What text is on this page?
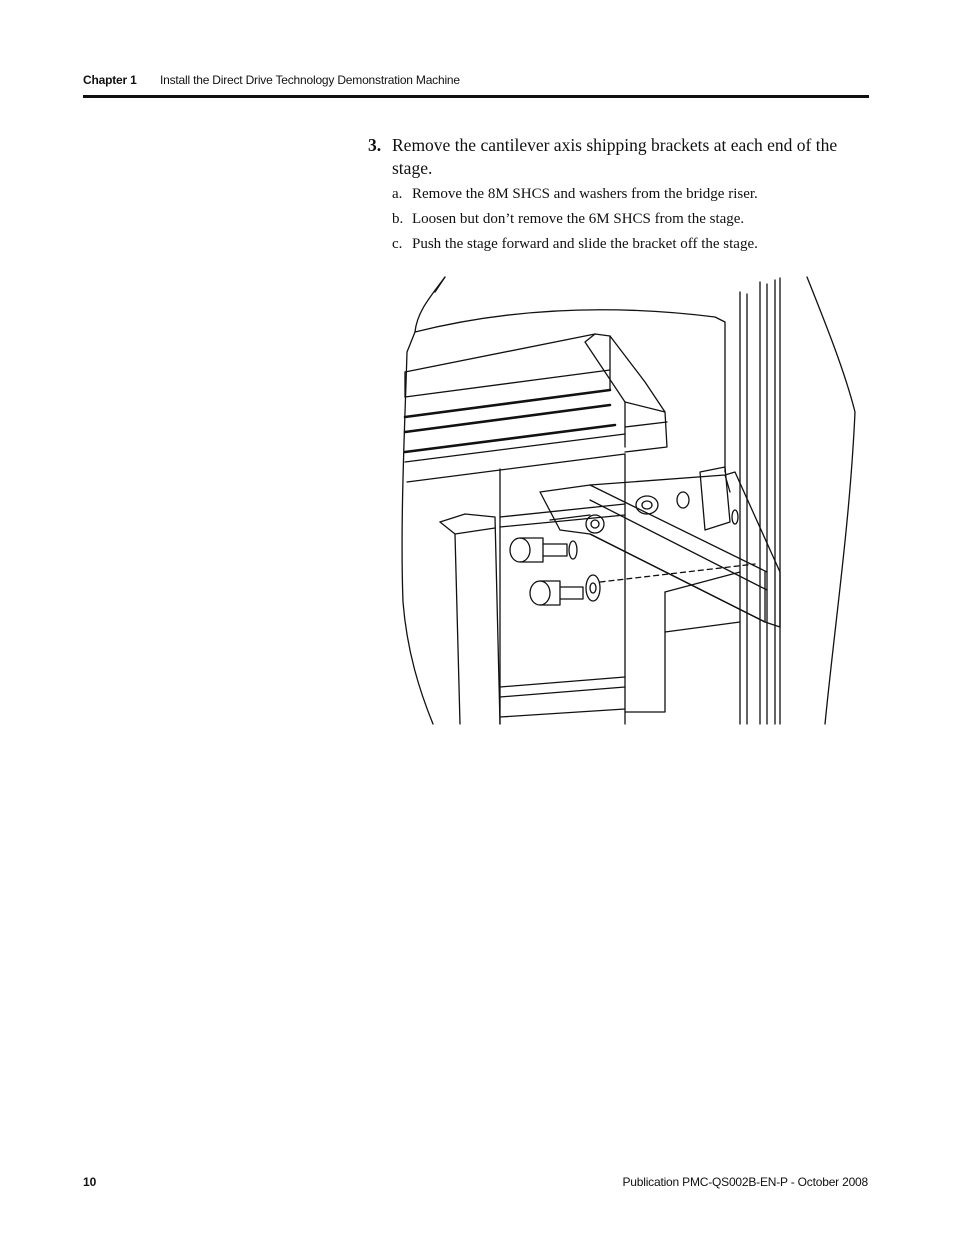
Chapter 1 Install the Direct Drive Technology Demonstration Machine
3. Remove the cantilever axis shipping brackets at each end of the stage.
a. Remove the 8M SHCS and washers from the bridge riser.
b. Loosen but don’t remove the 6M SHCS from the stage.
c. Push the stage forward and slide the bracket off the stage.
10	Publication PMC-QS002B-EN-P - October 2008
